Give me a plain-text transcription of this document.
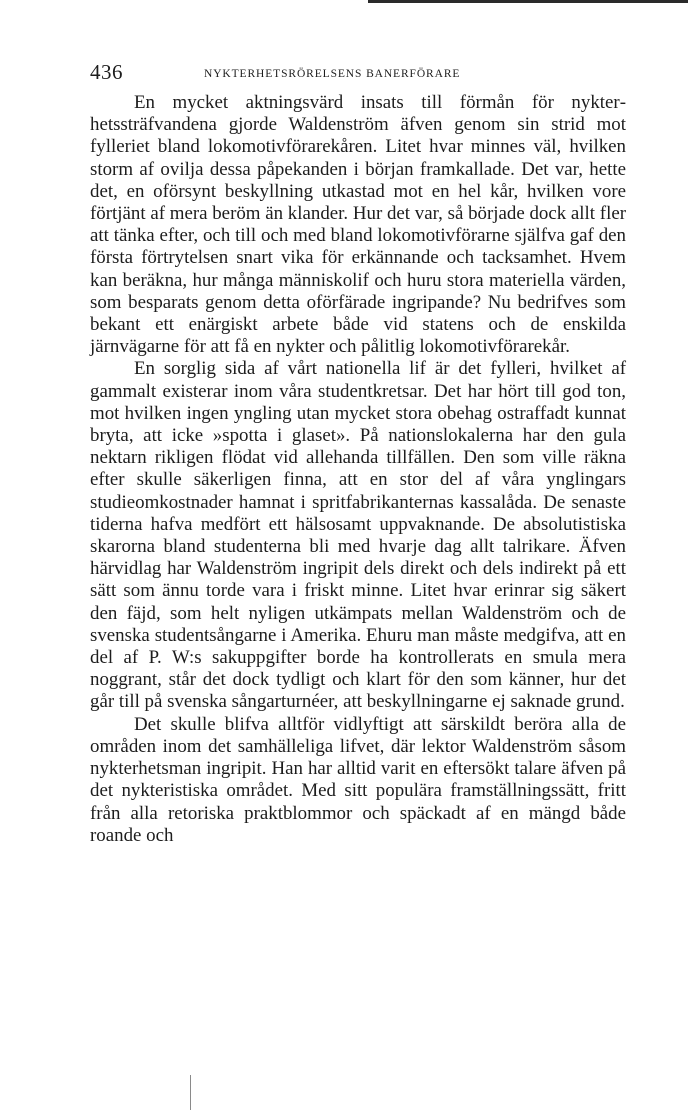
436	NYKTERHETSRÖRELSENS BANERFÖRARE

En mycket aktningsvärd insats till förmån för nykterhetssträfvandena gjorde Waldenström äfven genom sin strid mot fylleriet bland lokomotivförarekåren. Litet hvar minnes väl, hvilken storm af ovilja dessa påpekanden i början framkallade. Det var, hette det, en oförsynt beskyllning utkastad mot en hel kår, hvilken vore förtjänt af mera beröm än klander. Hur det var, så började dock allt fler att tänka efter, och till och med bland lokomotivförarne själfva gaf den första förtrytelsen snart vika för erkännande och tacksamhet. Hvem kan beräkna, hur många människolif och huru stora materiella värden, som besparats genom detta oförfärade ingripande? Nu bedrifves som bekant ett enärgiskt arbete både vid statens och de enskilda järnvägarne för att få en nykter och pålitlig lokomotivförarekår.

En sorglig sida af vårt nationella lif är det fylleri, hvilket af gammalt existerar inom våra studentkretsar. Det har hört till god ton, mot hvilken ingen yngling utan mycket stora obehag ostraffadt kunnat bryta, att icke »spotta i glaset». På nationslokalerna har den gula nektarn rikligen flödat vid allehanda tillfällen. Den som ville räkna efter skulle säkerligen finna, att en stor del af våra ynglingars studieomkostnader hamnat i spritfabrikanternas kassalåda. De senaste tiderna hafva medfört ett hälsosamt uppvaknande. De absolutistiska skarorna bland studenterna bli med hvarje dag allt talrikare. Äfven härvidlag har Waldenström ingripit dels direkt och dels indirekt på ett sätt som ännu torde vara i friskt minne. Litet hvar erinrar sig säkert den fäjd, som helt nyligen utkämpats mellan Waldenström och de svenska studentsångarne i Amerika. Ehuru man måste medgifva, att en del af P. W:s sakuppgifter borde ha kontrollerats en smula mera noggrant, står det dock tydligt och klart för den som känner, hur det går till på svenska sångarturnéer, att beskyllningarne ej saknade grund.

Det skulle blifva alltför vidlyftigt att särskildt beröra alla de områden inom det samhälleliga lifvet, där lektor Waldenström såsom nykterhetsman ingripit. Han har alltid varit en eftersökt talare äfven på det nykteristiska området. Med sitt populära framställningssätt, fritt från alla retoriska praktblommor och späckadt af en mängd både roande och
